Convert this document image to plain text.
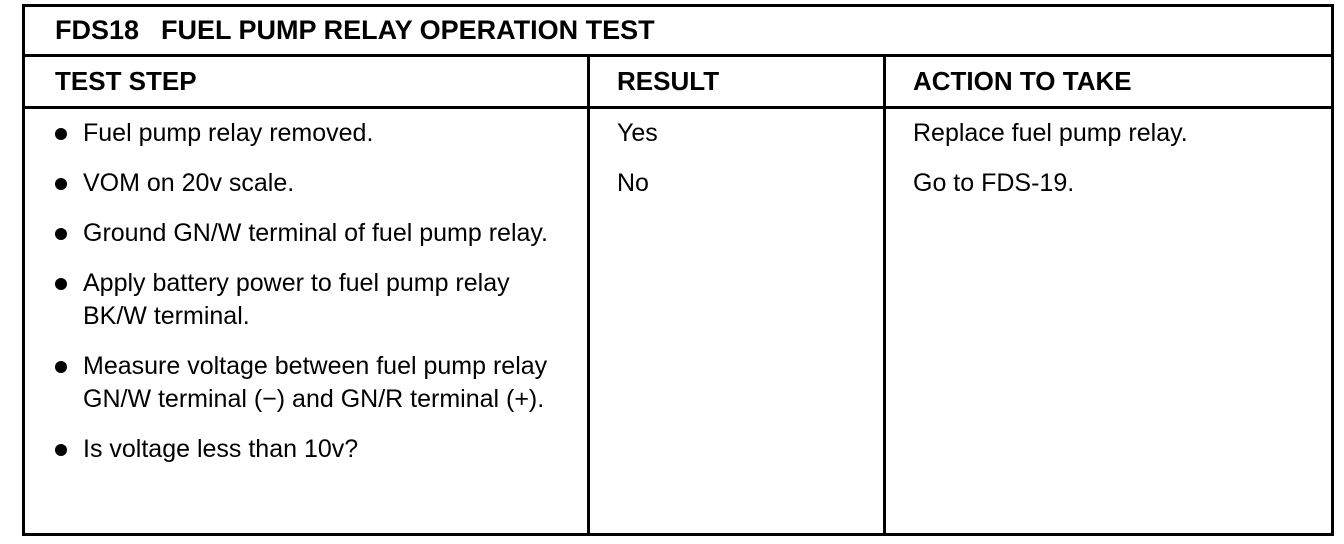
FDS18 FUEL PUMP RELAY OPERATION TEST
TEST STEP	RESULT	ACTION TO TAKE
Fuel pump relay removed.
VOM on 20v scale.
Ground GN/W terminal of fuel pump relay.
Apply battery power to fuel pump relay BK/W terminal.
Measure voltage between fuel pump relay GN/W terminal (−) and GN/R terminal (+).
Is voltage less than 10v?
Yes
No
Replace fuel pump relay.
Go to FDS-19.
